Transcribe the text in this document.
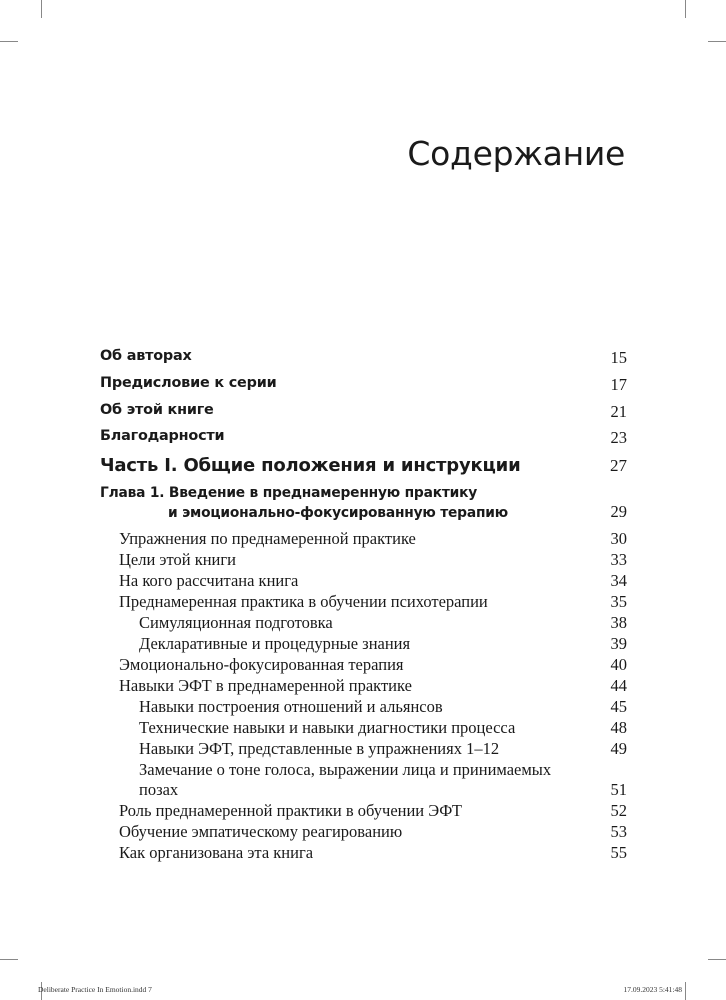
Содержание
Об авторах	15
Предисловие к серии	17
Об этой книге	21
Благодарности	23
Часть I. Общие положения и инструкции	27
Глава 1. Введение в преднамеренную практику
и эмоционально-фокусированную терапию	29
Упражнения по преднамеренной практике	30
Цели этой книги	33
На кого рассчитана книга	34
Преднамеренная практика в обучении психотерапии	35
Симуляционная подготовка	38
Декларативные и процедурные знания	39
Эмоционально-фокусированная терапия	40
Навыки ЭФТ в преднамеренной практике	44
Навыки построения отношений и альянсов	45
Технические навыки и навыки диагностики процесса	48
Навыки ЭФТ, представленные в упражнениях 1–12	49
Замечание о тоне голоса, выражении лица и принимаемых
позах	51
Роль преднамеренной практики в обучении ЭФТ	52
Обучение эмпатическому реагированию	53
Как организована эта книга	55
Deliberate Practice In Emotion.indd 7	17.09.2023 5:41:48
